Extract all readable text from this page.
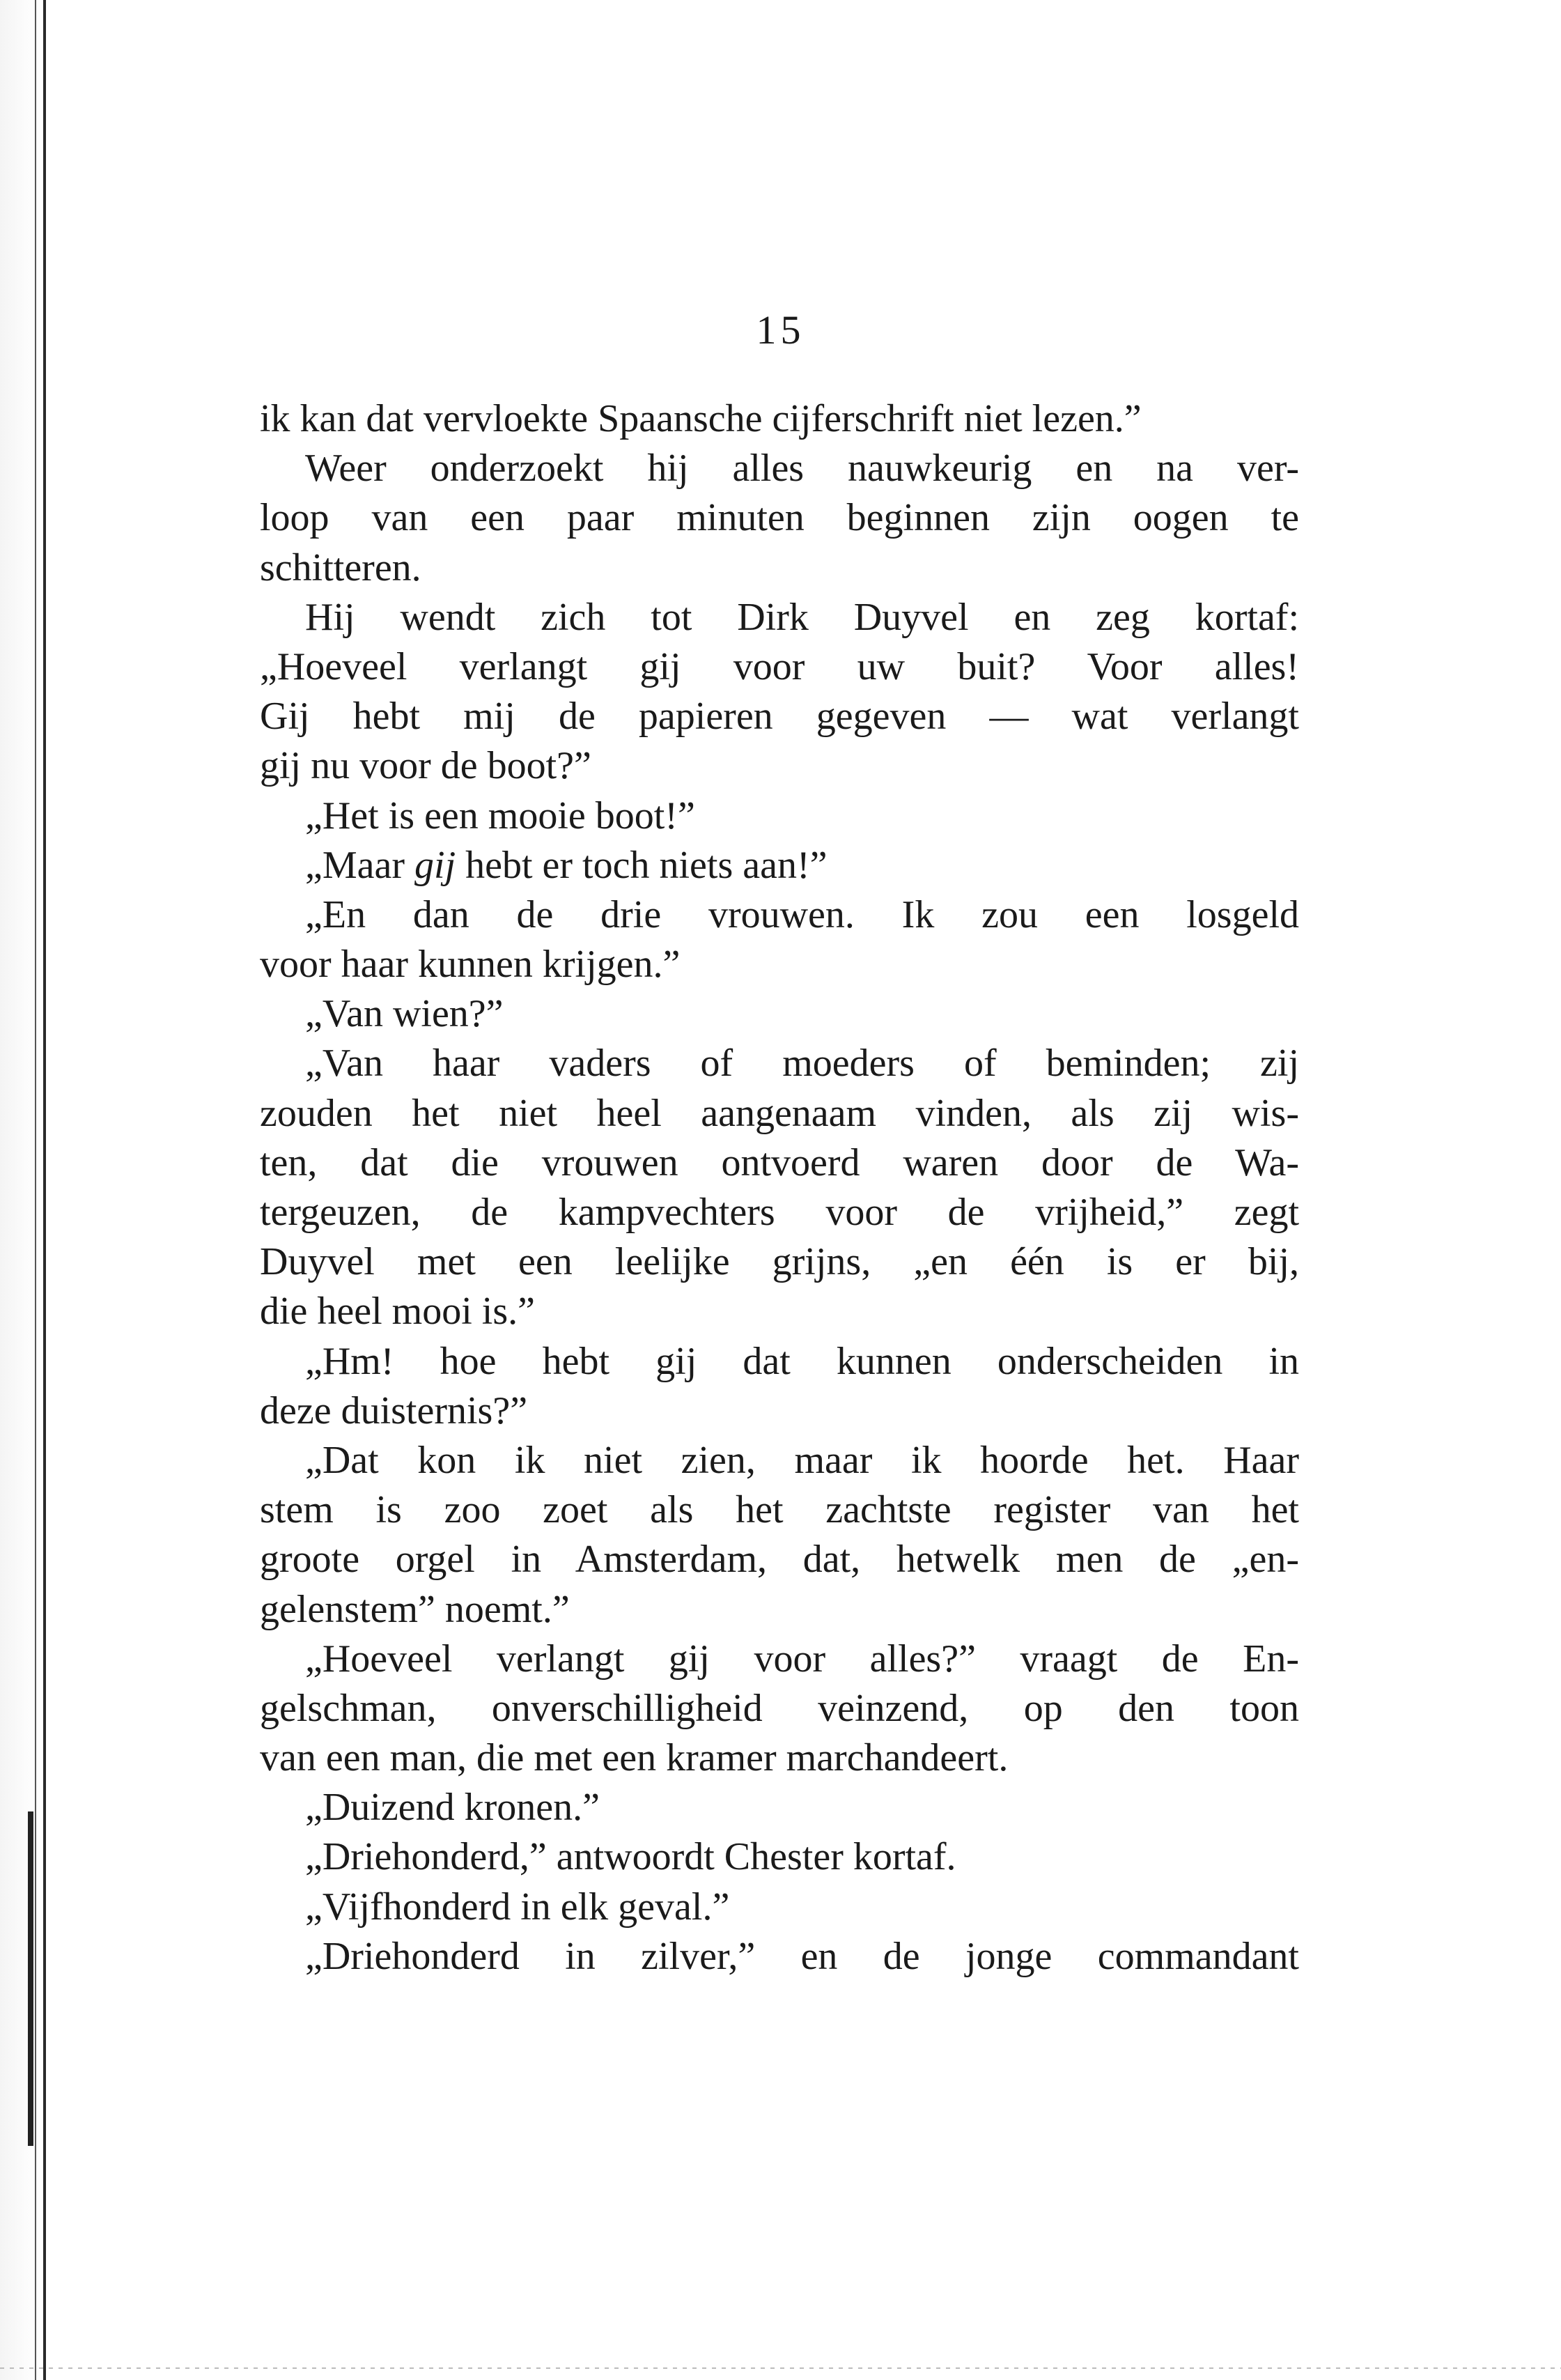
15
ik kan dat vervloekte Spaansche cijferschrift niet lezen.”
Weer onderzoekt hij alles nauwkeurig en na ver-
loop van een paar minuten beginnen zijn oogen te
schitteren.
Hij wendt zich tot Dirk Duyvel en zeg kortaf:
„Hoeveel verlangt gij voor uw buit? Voor alles!
Gij hebt mij de papieren gegeven — wat verlangt
gij nu voor de boot?”
„Het is een mooie boot!”
„Maar gij hebt er toch niets aan!”
„En dan de drie vrouwen. Ik zou een losgeld
voor haar kunnen krijgen.”
„Van wien?”
„Van haar vaders of moeders of beminden; zij
zouden het niet heel aangenaam vinden, als zij wis-
ten, dat die vrouwen ontvoerd waren door de Wa-
tergeuzen, de kampvechters voor de vrijheid,” zegt
Duyvel met een leelijke grijns, „en één is er bij,
die heel mooi is.”
„Hm! hoe hebt gij dat kunnen onderscheiden in
deze duisternis?”
„Dat kon ik niet zien, maar ik hoorde het. Haar
stem is zoo zoet als het zachtste register van het
groote orgel in Amsterdam, dat, hetwelk men de „en-
gelenstem” noemt.”
„Hoeveel verlangt gij voor alles?” vraagt de En-
gelschman, onverschilligheid veinzend, op den toon
van een man, die met een kramer marchandeert.
„Duizend kronen.”
„Driehonderd,” antwoordt Chester kortaf.
„Vijfhonderd in elk geval.”
„Driehonderd in zilver,” en de jonge commandant
